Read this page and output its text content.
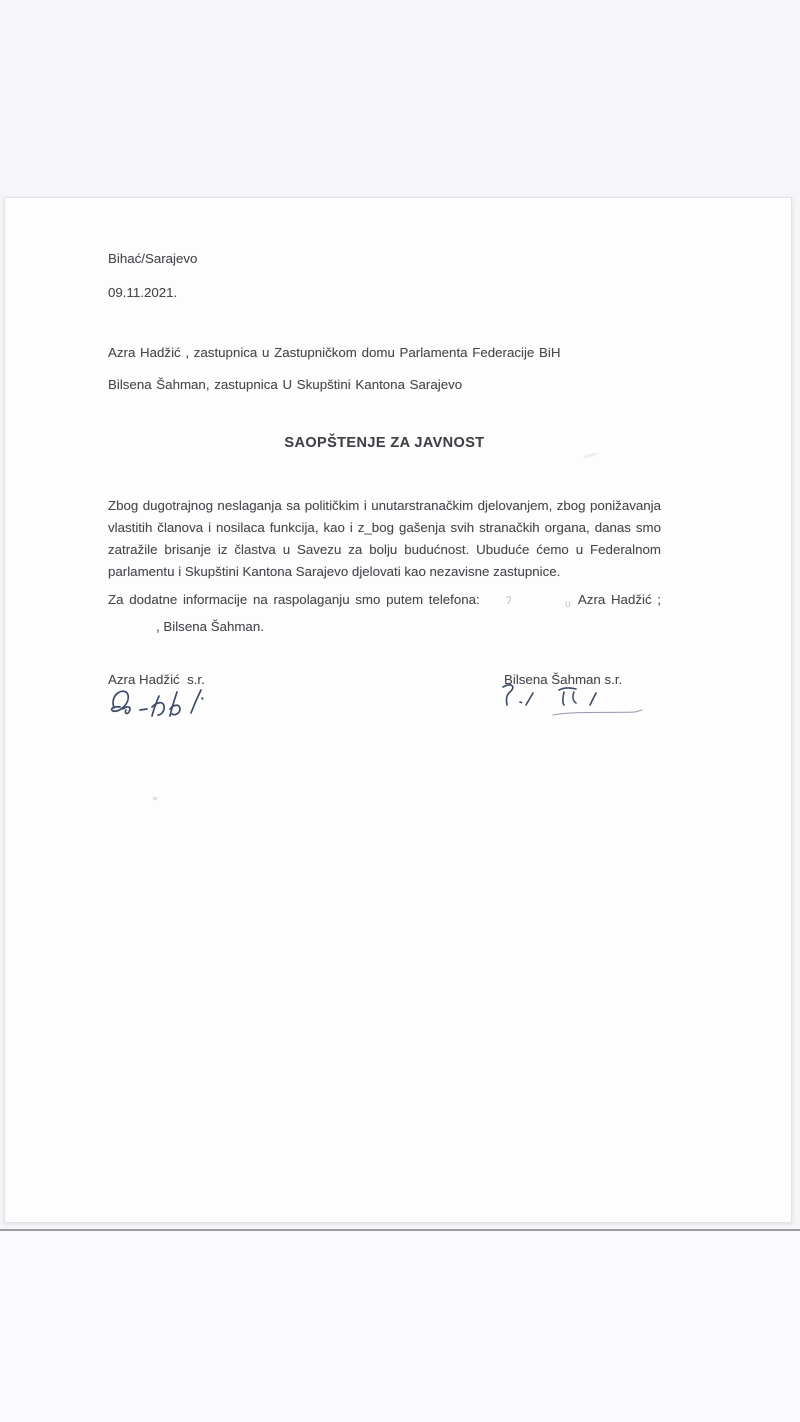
Bihać/Sarajevo
09.11.2021.
Azra Hadžić , zastupnica u Zastupničkom domu Parlamenta Federacije BiH
Bilsena Šahman, zastupnica U Skupštini Kantona Sarajevo
SAOPŠTENJE ZA JAVNOST
Zbog dugotrajnog neslaganja sa političkim i unutarstranačkim djelovanjem, zbog ponižavanja vlastitih članova i nosilaca funkcija, kao i z_bog gašenja svih stranačkih organa, danas smo zatražile brisanje iz člastva u Savezu za bolju budućnost. Ubuduće ćemo u Federalnom parlamentu i Skupštini Kantona Sarajevo djelovati kao nezavisne zastupnice.
Za dodatne informacije na raspolaganju smo putem telefona: ʔ	υ Azra Hadžić ;
, Bilsena Šahman.
Azra Hadžić  s.r.	Bilsena Šahman s.r.
